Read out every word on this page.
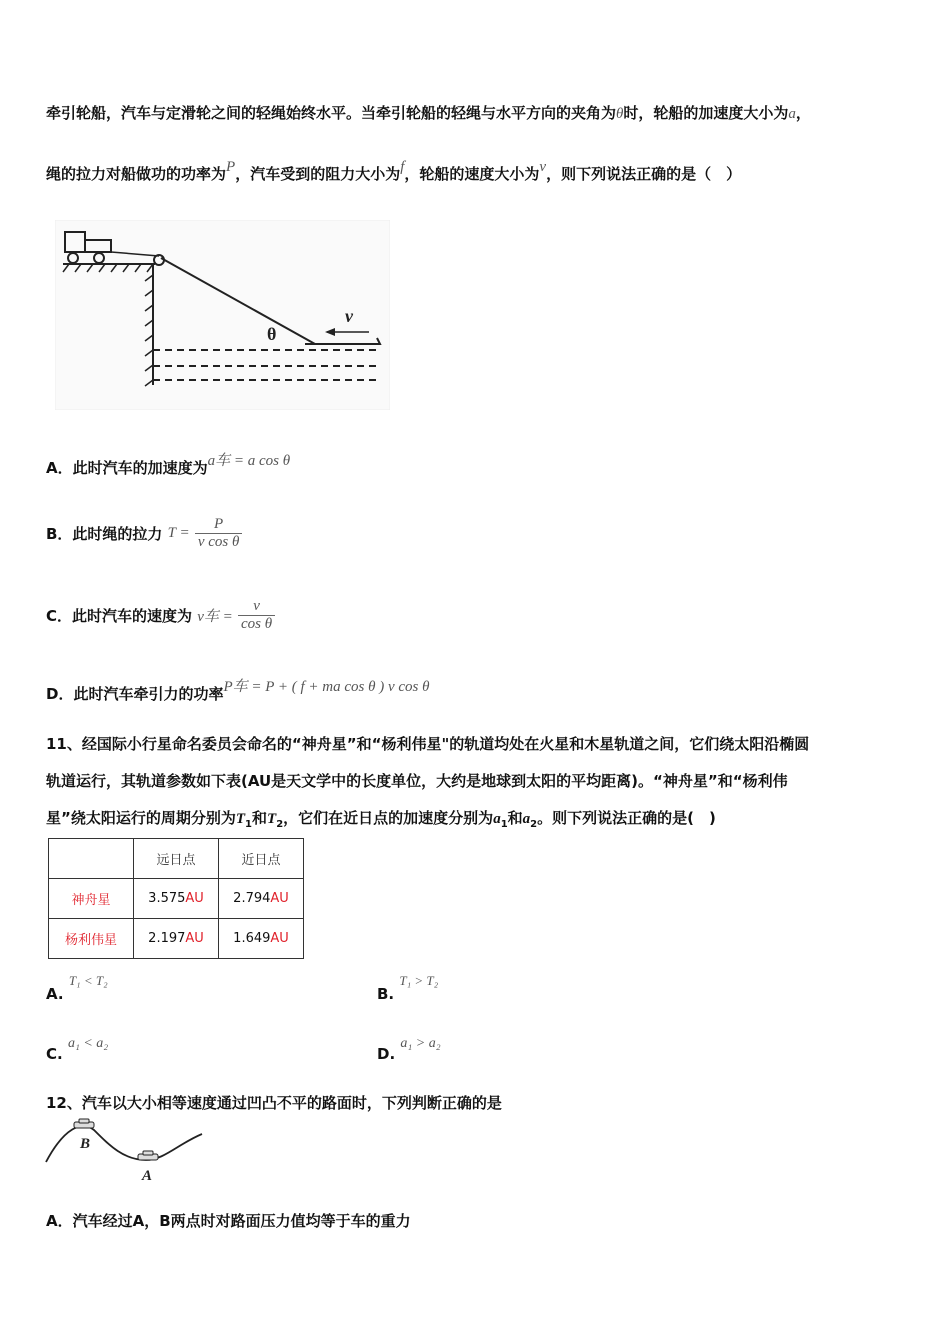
牵引轮船，汽车与定滑轮之间的轻绳始终水平。当牵引轮船的轻绳与水平方向的夹角为θ时，轮船的加速度大小为a，
绳的拉力对船做功的功率为P，汽车受到的阻力大小为f，轮船的速度大小为v，则下列说法正确的是（　）
θ
v
A．此时汽车的加速度为a车 = a cos θ
B．此时绳的拉力 $T = \frac{P}{\text{v cos θ}}$
C．此时汽车的速度为 v车 = $\frac{v}{\text{cos θ}}$
D．此时汽车牵引力的功率P车 = P + ( f + ma cos θ ) v cos θ
11、经国际小行星命名委员会命名的“神舟星”和“杨利伟星"的轨道均处在火星和木星轨道之间，它们绕太阳沿椭圆
轨道运行，其轨道参数如下表(AU是天文学中的长度单位，大约是地球到太阳的平均距离)。“神舟星”和“杨利伟
星”绕太阳运行的周期分别为$T_1$和$T_2$，它们在近日点的加速度分别为$a_1$和$a_2$。则下列说法正确的是(　)
	远日点	近日点
神舟星	3.575AU	2.794AU
杨利伟星	2.197AU	1.649AU
A. T₁ < T₂
B. T₁ > T₂
C. a₁ < a₂
D. a₁ > a₂
12、汽车以大小相等速度通过凹凸不平的路面时，下列判断正确的是
B
A
A．汽车经过A，B两点时对路面压力值均等于车的重力
